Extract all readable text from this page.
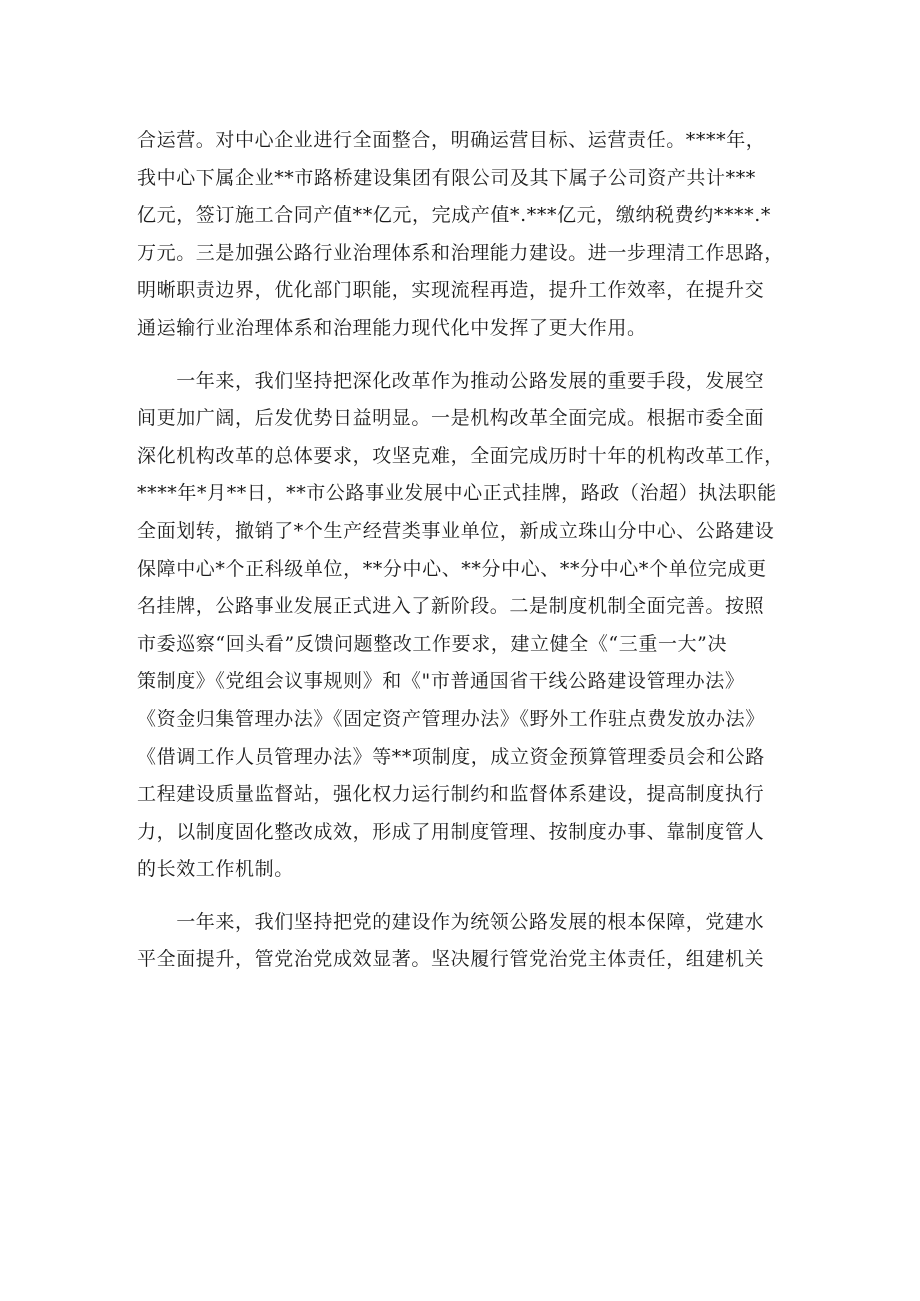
合运营。对中心企业进行全面整合，明确运营目标、运营责任。****年，
我中心下属企业**市路桥建设集团有限公司及其下属子公司资产共计***
亿元，签订施工合同产值**亿元，完成产值*.***亿元，缴纳税费约****.*
万元。三是加强公路行业治理体系和治理能力建设。进一步理清工作思路，
明晰职责边界，优化部门职能，实现流程再造，提升工作效率，在提升交
通运输行业治理体系和治理能力现代化中发挥了更大作用。
　　一年来，我们坚持把深化改革作为推动公路发展的重要手段，发展空
间更加广阔，后发优势日益明显。一是机构改革全面完成。根据市委全面
深化机构改革的总体要求，攻坚克难，全面完成历时十年的机构改革工作，
****年*月**日，**市公路事业发展中心正式挂牌，路政（治超）执法职能
全面划转，撤销了*个生产经营类事业单位，新成立珠山分中心、公路建设
保障中心*个正科级单位，**分中心、**分中心、**分中心*个单位完成更
名挂牌，公路事业发展正式进入了新阶段。二是制度机制全面完善。按照
市委巡察“回头看”反馈问题整改工作要求，建立健全《“三重一大”决
策制度》《党组会议事规则》和《"市普通国省干线公路建设管理办法》
《资金归集管理办法》《固定资产管理办法》《野外工作驻点费发放办法》
《借调工作人员管理办法》等**项制度，成立资金预算管理委员会和公路
工程建设质量监督站，强化权力运行制约和监督体系建设，提高制度执行
力，以制度固化整改成效，形成了用制度管理、按制度办事、靠制度管人
的长效工作机制。
　　一年来，我们坚持把党的建设作为统领公路发展的根本保障，党建水
平全面提升，管党治党成效显著。坚决履行管党治党主体责任，组建机关
